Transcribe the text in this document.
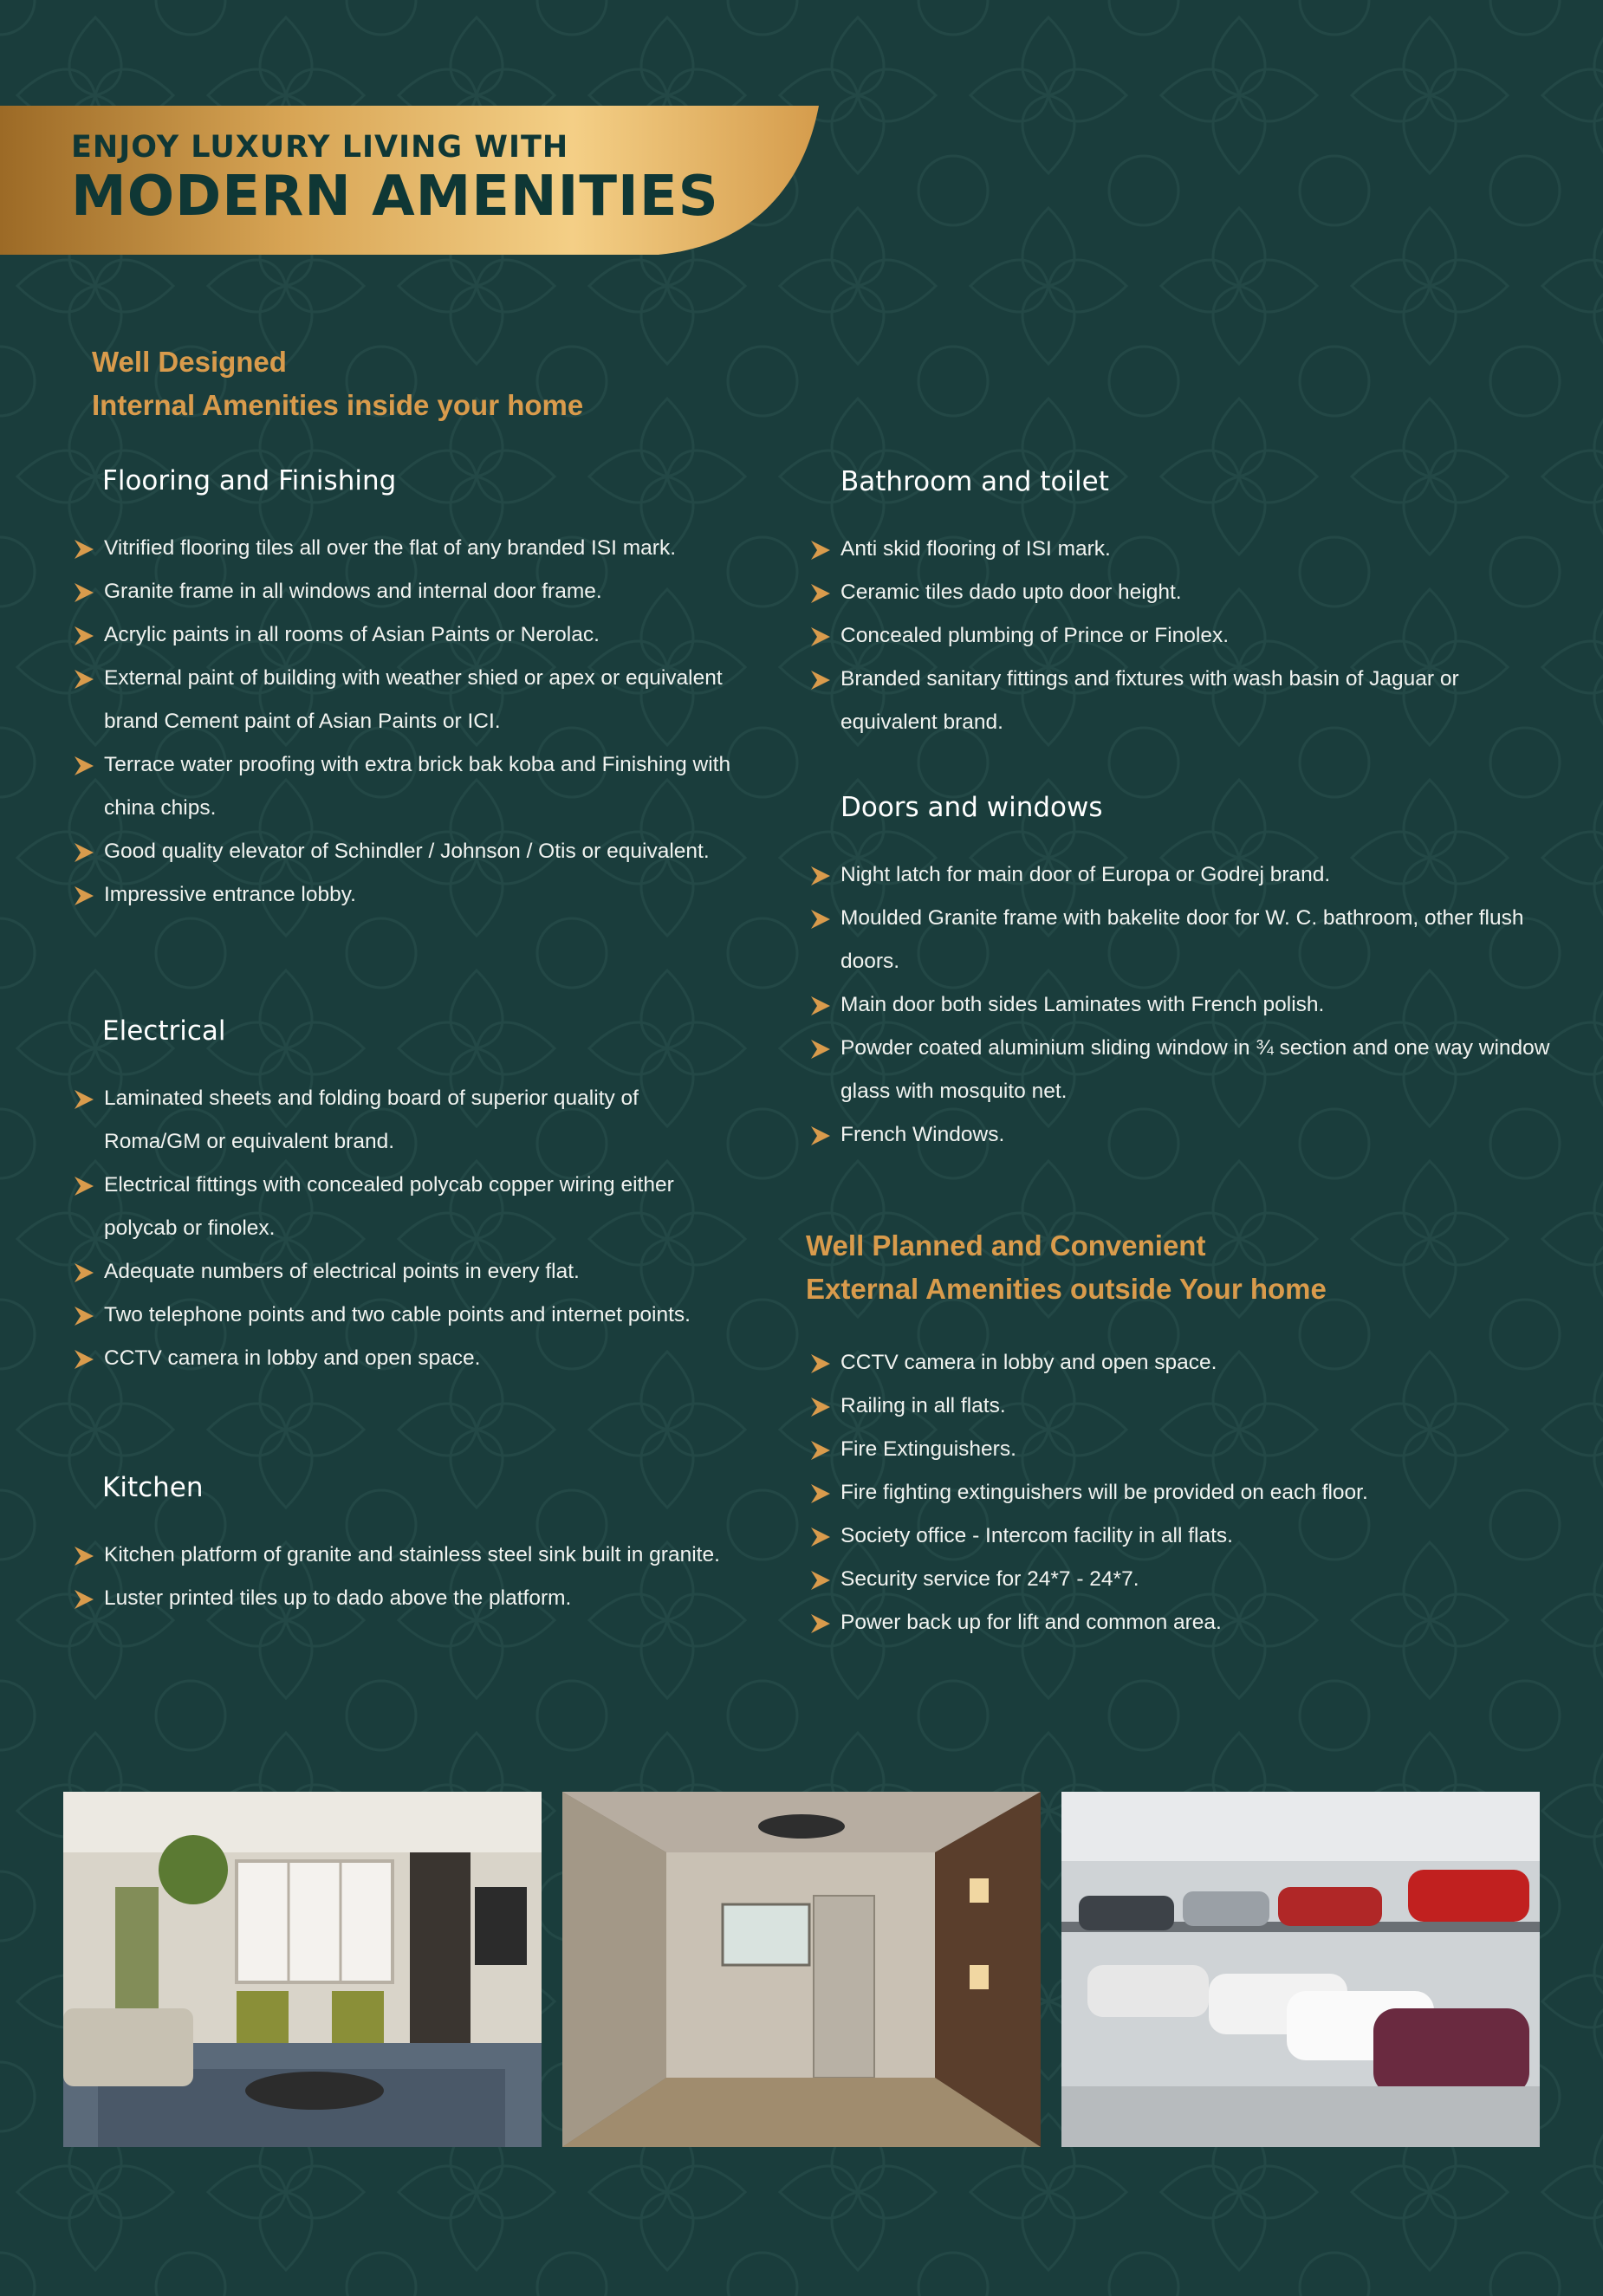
ENJOY LUXURY LIVING WITH
MODERN AMENITIES
Well Designed
Internal Amenities inside your home
Flooring and Finishing
Vitrified flooring tiles all over the flat of any branded ISI mark.
Granite frame in all windows and internal door frame.
Acrylic paints in all rooms of Asian Paints or Nerolac.
External paint of building with weather shied or apex or equivalent brand Cement paint of Asian Paints or ICI.
Terrace water proofing with extra brick bak koba and Finishing with china chips.
Good quality elevator of Schindler / Johnson / Otis or equivalent.
Impressive entrance lobby.
Electrical
Laminated sheets and folding board of superior quality of Roma/GM or equivalent brand.
Electrical fittings with concealed polycab copper wiring either polycab or finolex.
Adequate numbers of electrical points in every flat.
Two telephone points and two cable points and internet points.
CCTV camera in lobby and open space.
Kitchen
Kitchen platform of granite and stainless steel sink built in granite.
Luster printed tiles up to dado above the platform.
Bathroom and toilet
Anti skid flooring of ISI mark.
Ceramic tiles dado upto door height.
Concealed plumbing of Prince or Finolex.
Branded sanitary fittings and fixtures with wash basin of Jaguar or equivalent brand.
Doors and windows
Night latch for main door of Europa or Godrej brand.
Moulded Granite frame with bakelite door for W. C. bathroom, other flush doors.
Main door both sides Laminates with French polish.
Powder coated aluminium sliding window in ¾ section and one way window glass with mosquito net.
French Windows.
Well Planned and Convenient
External Amenities outside Your home
CCTV camera in lobby and open space.
Railing in all flats.
Fire Extinguishers.
Fire fighting extinguishers will be provided on each floor.
Society office - Intercom facility in all flats.
Security service for 24*7 - 24*7.
Power back up for lift and common area.
